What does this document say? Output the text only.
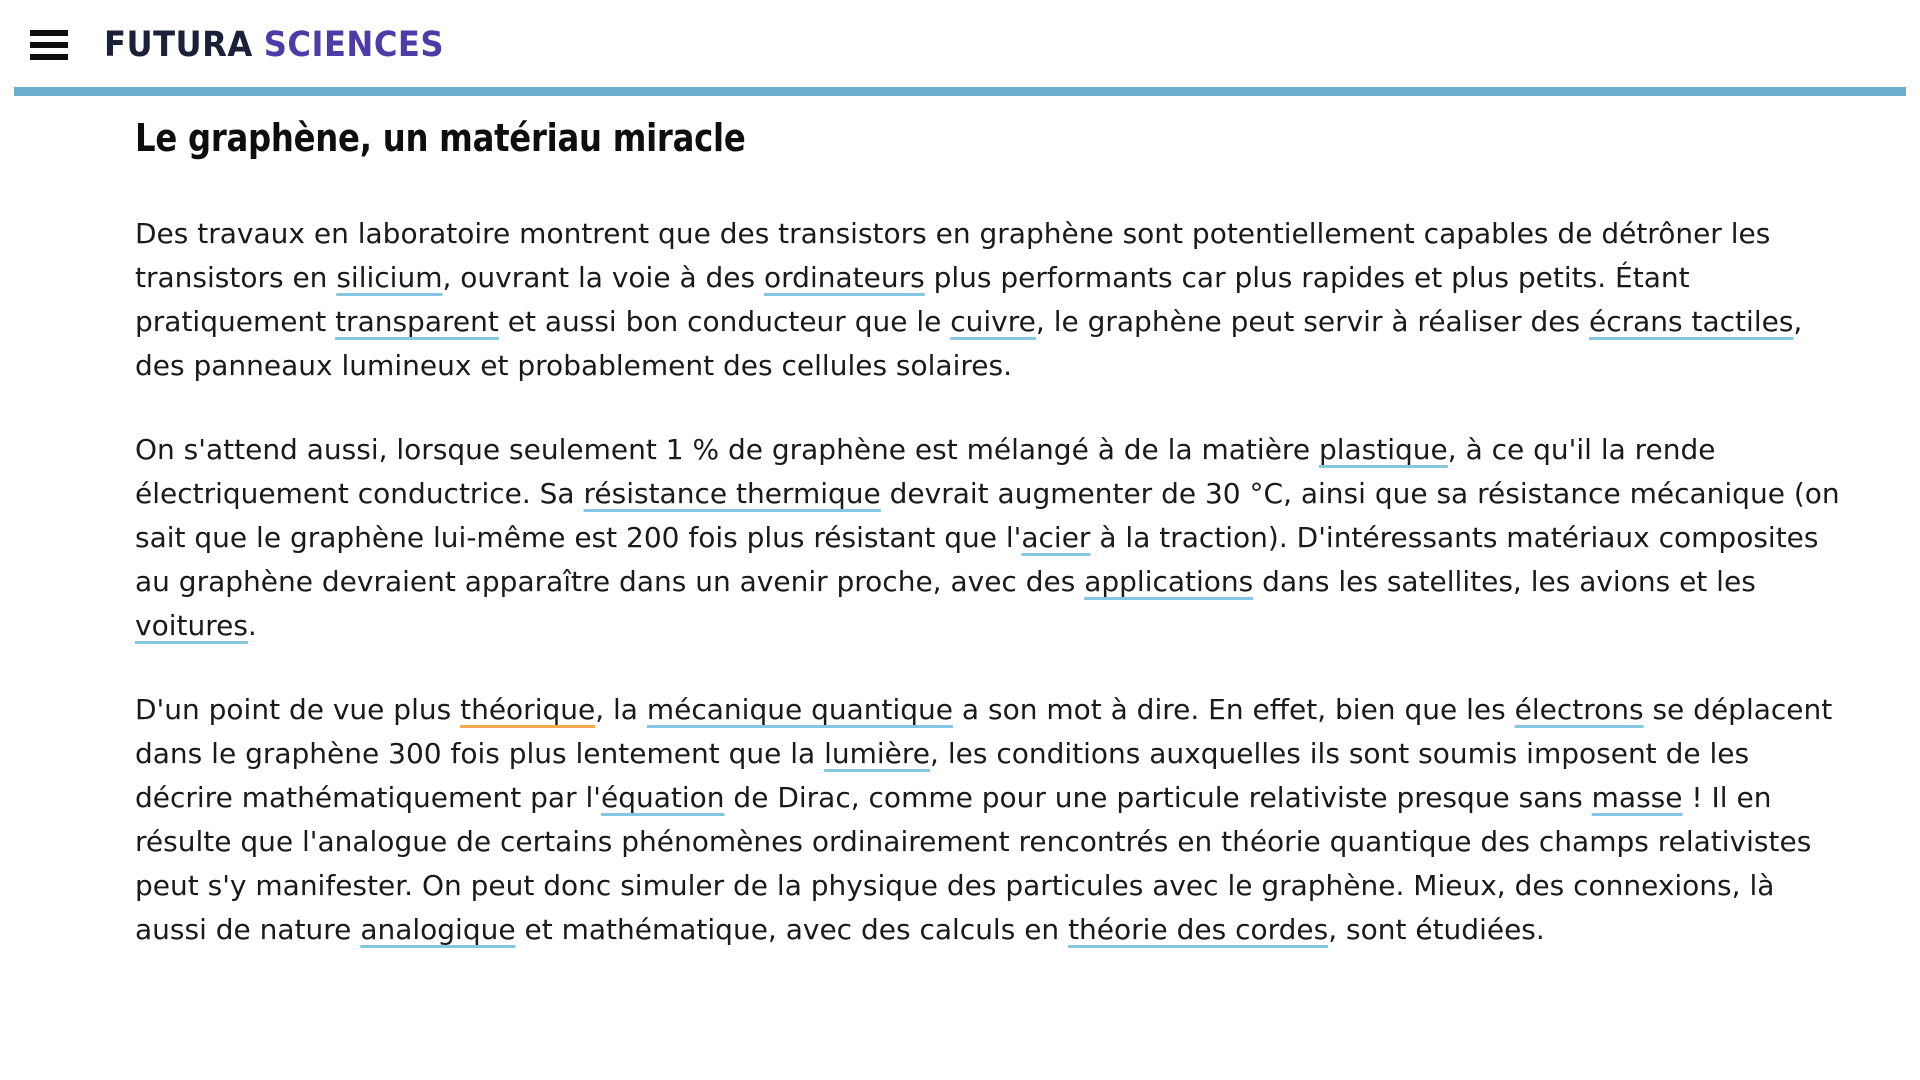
FUTURA SCIENCES
Le graphène, un matériau miracle

Des travaux en laboratoire montrent que des transistors en graphène sont potentiellement capables de détrôner les transistors en silicium, ouvrant la voie à des ordinateurs plus performants car plus rapides et plus petits. Étant pratiquement transparent et aussi bon conducteur que le cuivre, le graphène peut servir à réaliser des écrans tactiles, des panneaux lumineux et probablement des cellules solaires.

On s'attend aussi, lorsque seulement 1 % de graphène est mélangé à de la matière plastique, à ce qu'il la rende électriquement conductrice. Sa résistance thermique devrait augmenter de 30 °C, ainsi que sa résistance mécanique (on sait que le graphène lui-même est 200 fois plus résistant que l'acier à la traction). D'intéressants matériaux composites au graphène devraient apparaître dans un avenir proche, avec des applications dans les satellites, les avions et les voitures.

D'un point de vue plus théorique, la mécanique quantique a son mot à dire. En effet, bien que les électrons se déplacent dans le graphène 300 fois plus lentement que la lumière, les conditions auxquelles ils sont soumis imposent de les décrire mathématiquement par l'équation de Dirac, comme pour une particule relativiste presque sans masse ! Il en résulte que l'analogue de certains phénomènes ordinairement rencontrés en théorie quantique des champs relativistes peut s'y manifester. On peut donc simuler de la physique des particules avec le graphène. Mieux, des connexions, là aussi de nature analogique et mathématique, avec des calculs en théorie des cordes, sont étudiées.
